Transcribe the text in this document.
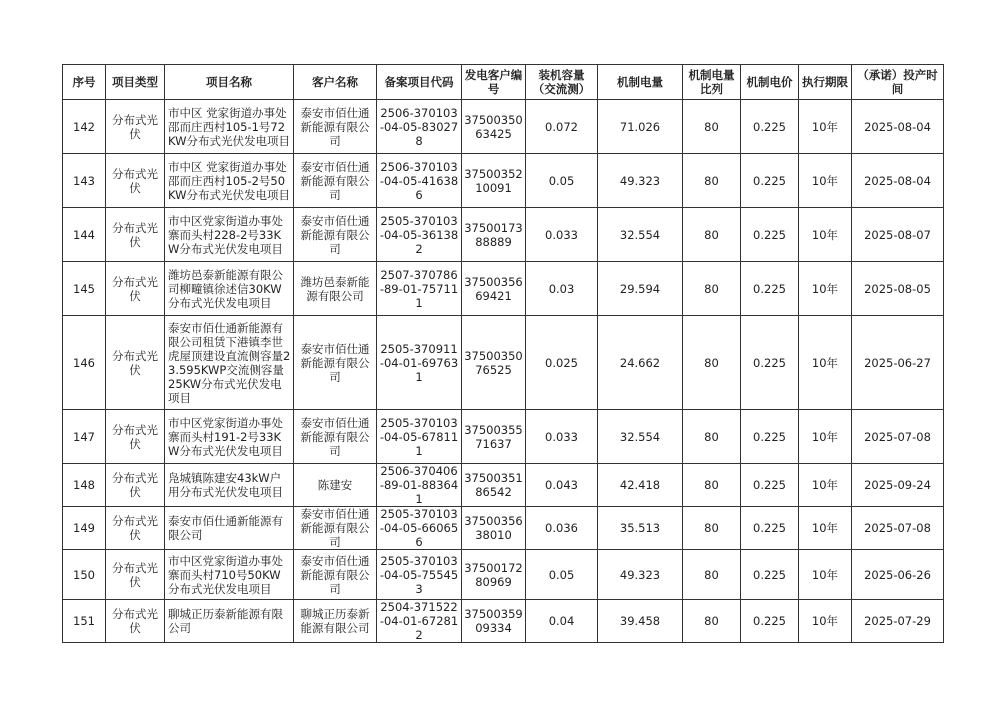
序号	项目类型	项目名称	客户名称	备案项目代码	发电客户编号	装机容量（交流测）	机制电量	机制电量比列	机制电价	执行期限	（承诺）投产时间
142	分布式光伏	市中区 党家街道办事处邵而庄西村105-1号72KW分布式光伏发电项目	泰安市佰仕通新能源有限公司	2506-370103-04-05-830278	3750035063425	0.072	71.026	80	0.225	10年	2025-08-04
143	分布式光伏	市中区 党家街道办事处邵而庄西村105-2号50KW分布式光伏发电项目	泰安市佰仕通新能源有限公司	2506-370103-04-05-416386	3750035210091	0.05	49.323	80	0.225	10年	2025-08-04
144	分布式光伏	市中区党家街道办事处寨而头村228-2号33KW分布式光伏发电项目	泰安市佰仕通新能源有限公司	2505-370103-04-05-361382	3750017388889	0.033	32.554	80	0.225	10年	2025-08-07
145	分布式光伏	潍坊邑泰新能源有限公司柳疃镇徐述信30KW分布式光伏发电项目	潍坊邑泰新能源有限公司	2507-370786-89-01-757111	3750035669421	0.03	29.594	80	0.225	10年	2025-08-05
146	分布式光伏	泰安市佰仕通新能源有限公司租赁下港镇李世虎屋顶建设直流侧容量23.595KWP交流侧容量25KW分布式光伏发电项目	泰安市佰仕通新能源有限公司	2505-370911-04-01-697631	3750035076525	0.025	24.662	80	0.225	10年	2025-06-27
147	分布式光伏	市中区党家街道办事处寨而头村191-2号33KW分布式光伏发电项目	泰安市佰仕通新能源有限公司	2505-370103-04-05-678111	3750035571637	0.033	32.554	80	0.225	10年	2025-07-08
148	分布式光伏	凫城镇陈建安43kW户用分布式光伏发电项目	陈建安	2506-370406-89-01-883641	3750035186542	0.043	42.418	80	0.225	10年	2025-09-24
149	分布式光伏	泰安市佰仕通新能源有限公司	泰安市佰仕通新能源有限公司	2505-370103-04-05-660656	3750035638010	0.036	35.513	80	0.225	10年	2025-07-08
150	分布式光伏	市中区党家街道办事处寨而头村710号50KW分布式光伏发电项目	泰安市佰仕通新能源有限公司	2505-370103-04-05-755453	3750017280969	0.05	49.323	80	0.225	10年	2025-06-26
151	分布式光伏	聊城正历泰新能源有限公司	聊城正历泰新能源有限公司	2504-371522-04-01-672812	3750035909334	0.04	39.458	80	0.225	10年	2025-07-29
